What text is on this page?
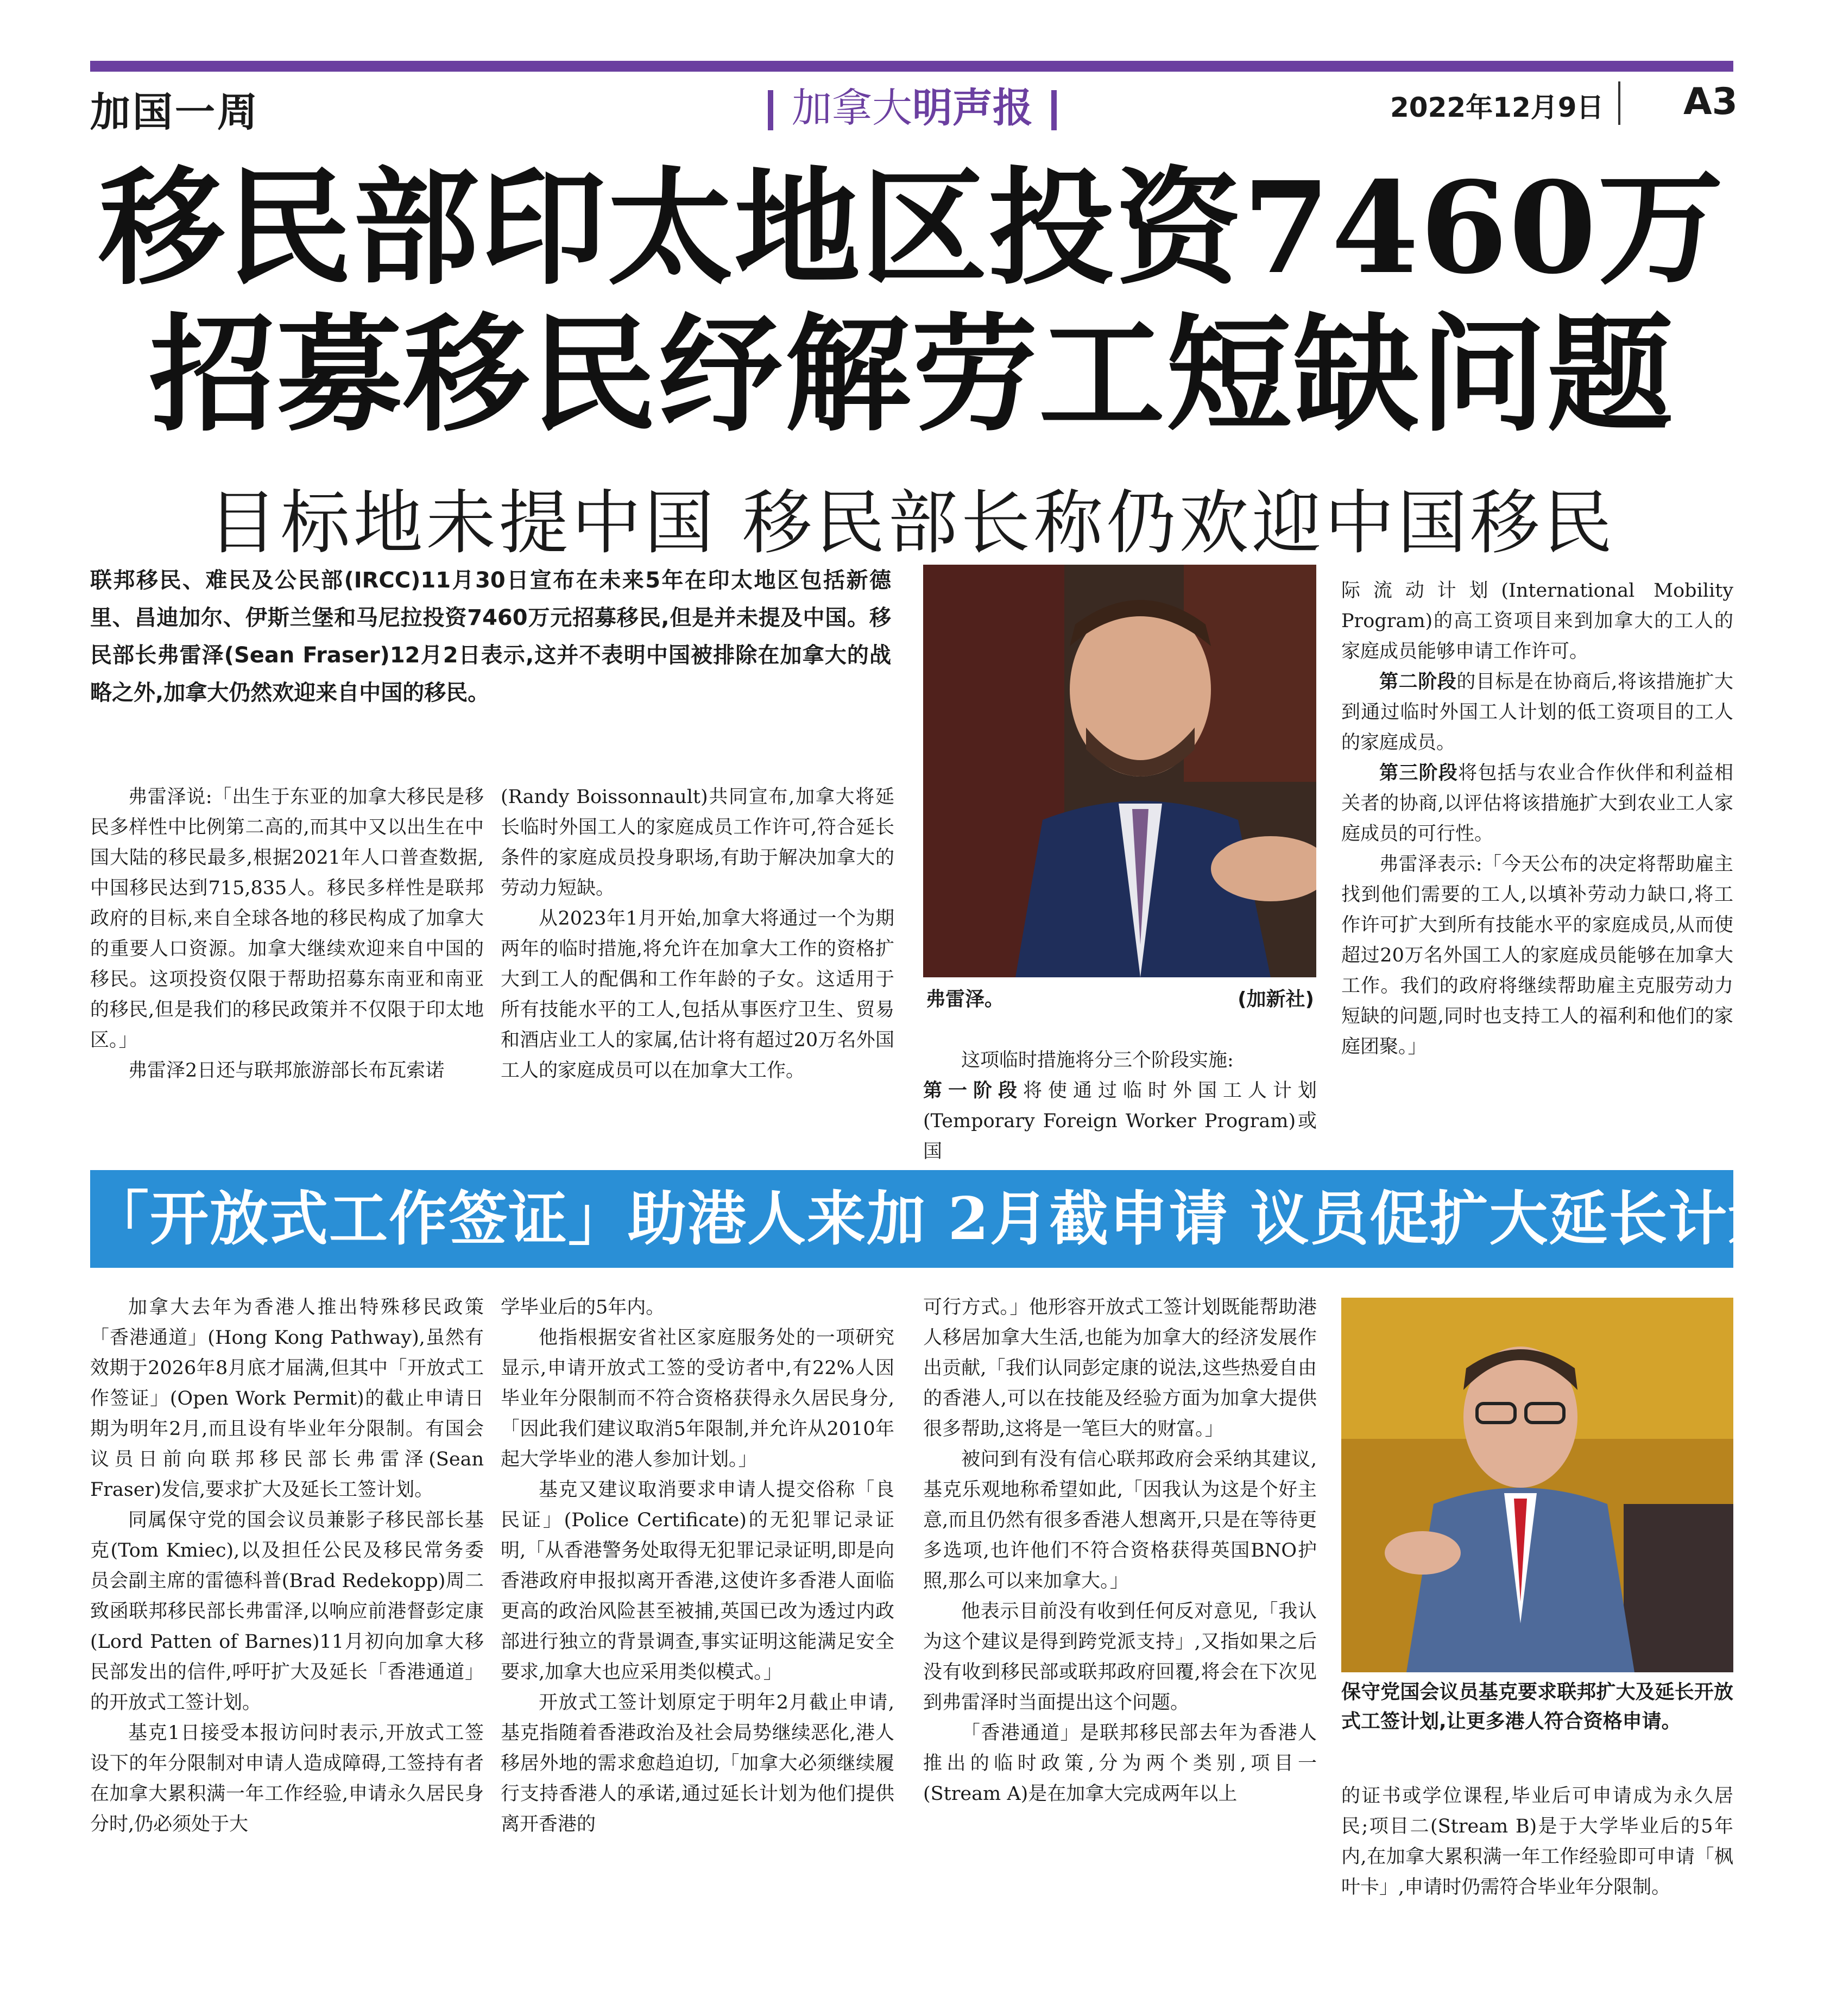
加国一周	加拿大明声报	2022年12月9日 A3
移民部印太地区投资7460万
招募移民纾解劳工短缺问题
目标地未提中国 移民部长称仍欢迎中国移民
联邦移民、难民及公民部(IRCC)11月30日宣布在未来5年在印太地区包括新德里、昌迪加尔、伊斯兰堡和马尼拉投资7460万元招募移民,但是并未提及中国。移民部长弗雷泽(Sean Fraser)12月2日表示,这并不表明中国被排除在加拿大的战略之外,加拿大仍然欢迎来自中国的移民。

弗雷泽说:「出生于东亚的加拿大移民是移民多样性中比例第二高的,而其中又以出生在中国大陆的移民最多,根据2021年人口普查数据,中国移民达到715,835人。移民多样性是联邦政府的目标,来自全球各地的移民构成了加拿大的重要人口资源。加拿大继续欢迎来自中国的移民。这项投资仅限于帮助招募东南亚和南亚的移民,但是我们的移民政策并不仅限于印太地区。」

弗雷泽2日还与联邦旅游部长布瓦索诺

(Randy Boissonnault)共同宣布,加拿大将延长临时外国工人的家庭成员工作许可,符合延长条件的家庭成员投身职场,有助于解决加拿大的劳动力短缺。

从2023年1月开始,加拿大将通过一个为期两年的临时措施,将允许在加拿大工作的资格扩大到工人的配偶和工作年龄的子女。这适用于所有技能水平的工人,包括从事医疗卫生、贸易和酒店业工人的家属,估计将有超过20万名外国工人的家庭成员可以在加拿大工作。

弗雷泽。	(加新社)

这项临时措施将分三个阶段实施:

第一阶段将使通过临时外国工人计划(Temporary Foreign Worker Program)或国

际流动计划(International Mobility Program)的高工资项目来到加拿大的工人的家庭成员能够申请工作许可。

第二阶段的目标是在协商后,将该措施扩大到通过临时外国工人计划的低工资项目的工人的家庭成员。

第三阶段将包括与农业合作伙伴和利益相关者的协商,以评估将该措施扩大到农业工人家庭成员的可行性。

弗雷泽表示:「今天公布的决定将帮助雇主找到他们需要的工人,以填补劳动力缺口,将工作许可扩大到所有技能水平的家庭成员,从而使超过20万名外国工人的家庭成员能够在加拿大工作。我们的政府将继续帮助雇主克服劳动力短缺的问题,同时也支持工人的福利和他们的家庭团聚。」

「开放式工作签证」助港人来加 2月截申请 议员促扩大延长计划

加拿大去年为香港人推出特殊移民政策「香港通道」(Hong Kong Pathway),虽然有效期于2026年8月底才届满,但其中「开放式工作签证」(Open Work Permit)的截止申请日期为明年2月,而且设有毕业年分限制。有国会议员日前向联邦移民部长弗雷泽(Sean Fraser)发信,要求扩大及延长工签计划。

同属保守党的国会议员兼影子移民部长基克(Tom Kmiec),以及担任公民及移民常务委员会副主席的雷德科普(Brad Redekopp)周二致函联邦移民部长弗雷泽,以响应前港督彭定康(Lord Patten of Barnes)11月初向加拿大移民部发出的信件,呼吁扩大及延长「香港通道」的开放式工签计划。

基克1日接受本报访问时表示,开放式工签设下的年分限制对申请人造成障碍,工签持有者在加拿大累积满一年工作经验,申请永久居民身分时,仍必须处于大

学毕业后的5年内。

他指根据安省社区家庭服务处的一项研究显示,申请开放式工签的受访者中,有22%人因毕业年分限制而不符合资格获得永久居民身分,「因此我们建议取消5年限制,并允许从2010年起大学毕业的港人参加计划。」

基克又建议取消要求申请人提交俗称「良民证」(Police Certificate)的无犯罪记录证明,「从香港警务处取得无犯罪记录证明,即是向香港政府申报拟离开香港,这使许多香港人面临更高的政治风险甚至被捕,英国已改为透过内政部进行独立的背景调查,事实证明这能满足安全要求,加拿大也应采用类似模式。」

开放式工签计划原定于明年2月截止申请,基克指随着香港政治及社会局势继续恶化,港人移居外地的需求愈趋迫切,「加拿大必须继续履行支持香港人的承诺,通过延长计划为他们提供离开香港的

可行方式。」他形容开放式工签计划既能帮助港人移居加拿大生活,也能为加拿大的经济发展作出贡献,「我们认同彭定康的说法,这些热爱自由的香港人,可以在技能及经验方面为加拿大提供很多帮助,这将是一笔巨大的财富。」

被问到有没有信心联邦政府会采纳其建议,基克乐观地称希望如此,「因我认为这是个好主意,而且仍然有很多香港人想离开,只是在等待更多选项,也许他们不符合资格获得英国BNO护照,那么可以来加拿大。」

他表示目前没有收到任何反对意见,「我认为这个建议是得到跨党派支持」,又指如果之后没有收到移民部或联邦政府回覆,将会在下次见到弗雷泽时当面提出这个问题。

「香港通道」是联邦移民部去年为香港人推出的临时政策,分为两个类别,项目一(Stream A)是在加拿大完成两年以上

保守党国会议员基克要求联邦扩大及延长开放式工签计划,让更多港人符合资格申请。

的证书或学位课程,毕业后可申请成为永久居民;项目二(Stream B)是于大学毕业后的5年内,在加拿大累积满一年工作经验即可申请「枫叶卡」,申请时仍需符合毕业年分限制。
